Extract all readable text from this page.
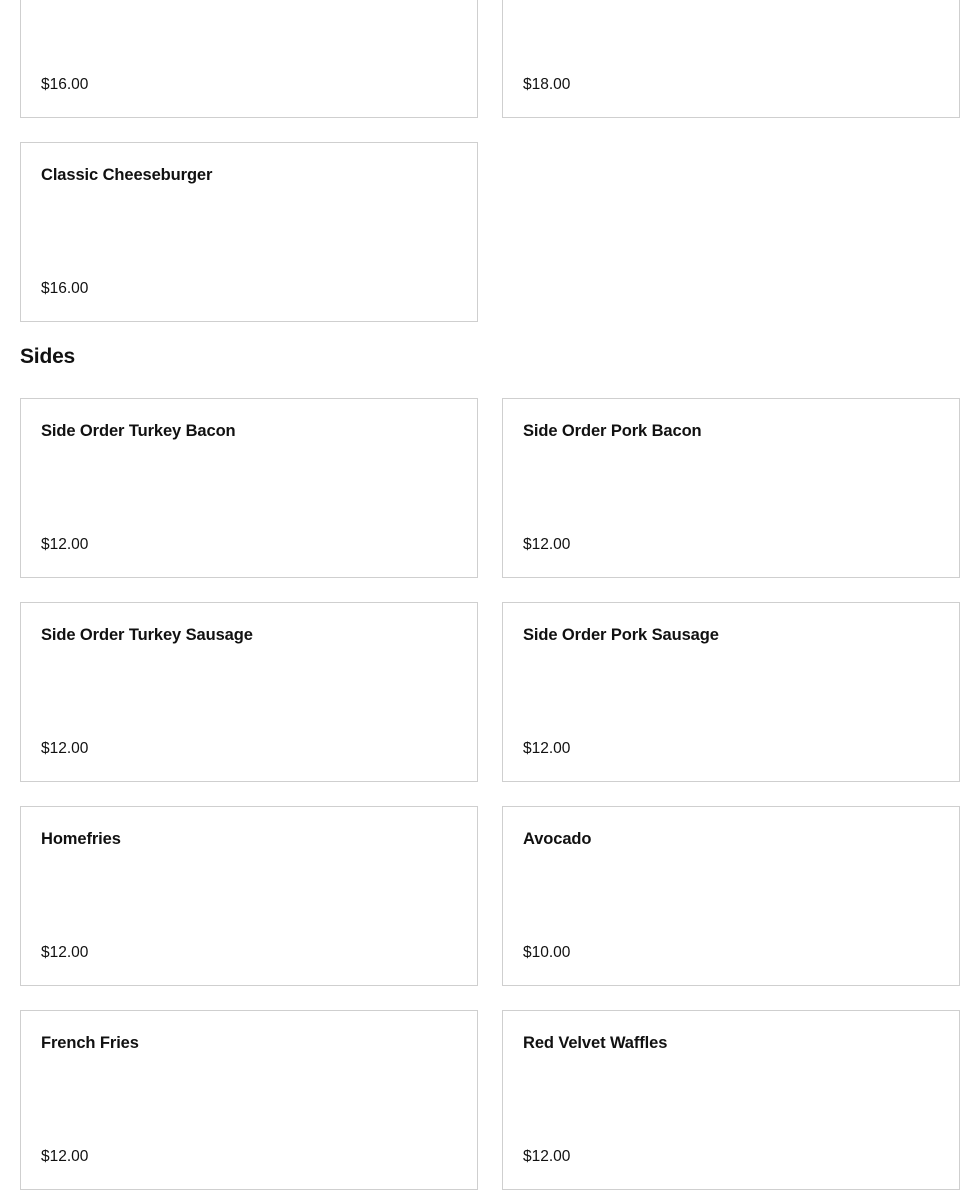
$16.00	$18.00
Classic Cheeseburger
$16.00
Sides
Side Order Turkey Bacon
$12.00
Side Order Pork Bacon
$12.00
Side Order Turkey Sausage
$12.00
Side Order Pork Sausage
$12.00
Homefries
$12.00
Avocado
$10.00
French Fries
$12.00
Red Velvet Waffles
$12.00
